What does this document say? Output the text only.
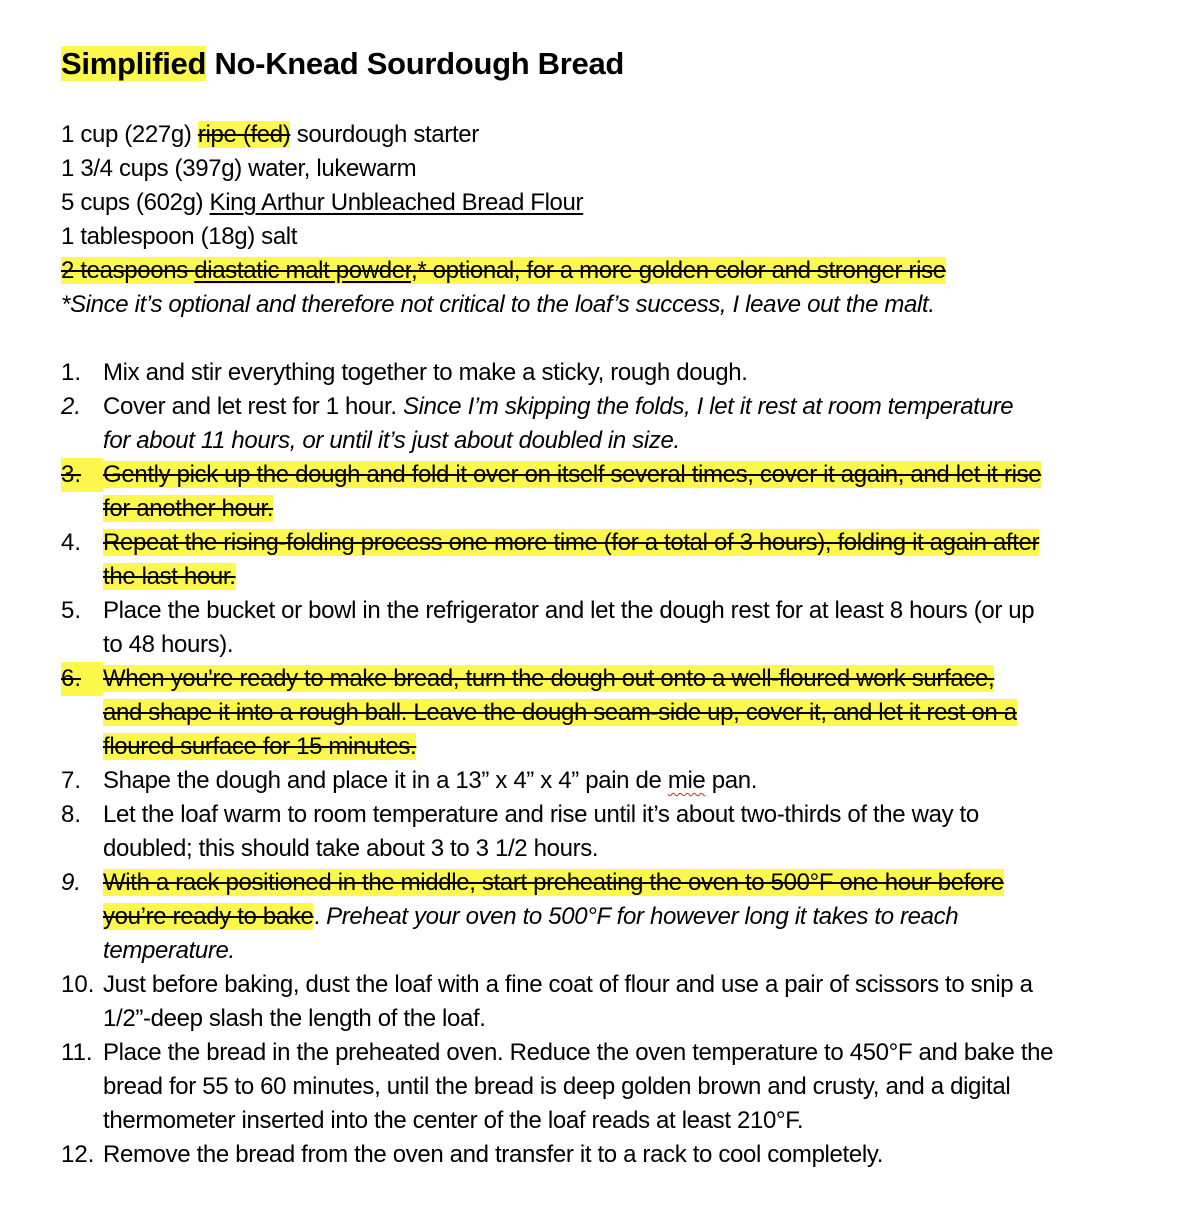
Simplified No-Knead Sourdough Bread
1 cup (227g) ripe (fed) sourdough starter
1 3/4 cups (397g) water, lukewarm
5 cups (602g) King Arthur Unbleached Bread Flour
1 tablespoon (18g) salt
2 teaspoons diastatic malt powder,* optional, for a more golden color and stronger rise
*Since it’s optional and therefore not critical to the loaf’s success, I leave out the malt.
1. Mix and stir everything together to make a sticky, rough dough.
2. Cover and let rest for 1 hour. Since I’m skipping the folds, I let it rest at room temperature
for about 11 hours, or until it’s just about doubled in size.
3. Gently pick up the dough and fold it over on itself several times, cover it again, and let it rise
for another hour.
4. Repeat the rising-folding process one more time (for a total of 3 hours), folding it again after
the last hour.
5. Place the bucket or bowl in the refrigerator and let the dough rest for at least 8 hours (or up
to 48 hours).
6. When you're ready to make bread, turn the dough out onto a well-floured work surface,
and shape it into a rough ball. Leave the dough seam-side up, cover it, and let it rest on a
floured surface for 15 minutes.
7. Shape the dough and place it in a 13” x 4” x 4” pain de mie pan.
8. Let the loaf warm to room temperature and rise until it’s about two-thirds of the way to
doubled; this should take about 3 to 3 1/2 hours.
9. With a rack positioned in the middle, start preheating the oven to 500°F one hour before
you’re ready to bake. Preheat your oven to 500°F for however long it takes to reach
temperature.
10. Just before baking, dust the loaf with a fine coat of flour and use a pair of scissors to snip a
1/2”-deep slash the length of the loaf.
11. Place the bread in the preheated oven. Reduce the oven temperature to 450°F and bake the
bread for 55 to 60 minutes, until the bread is deep golden brown and crusty, and a digital
thermometer inserted into the center of the loaf reads at least 210°F.
12. Remove the bread from the oven and transfer it to a rack to cool completely.
